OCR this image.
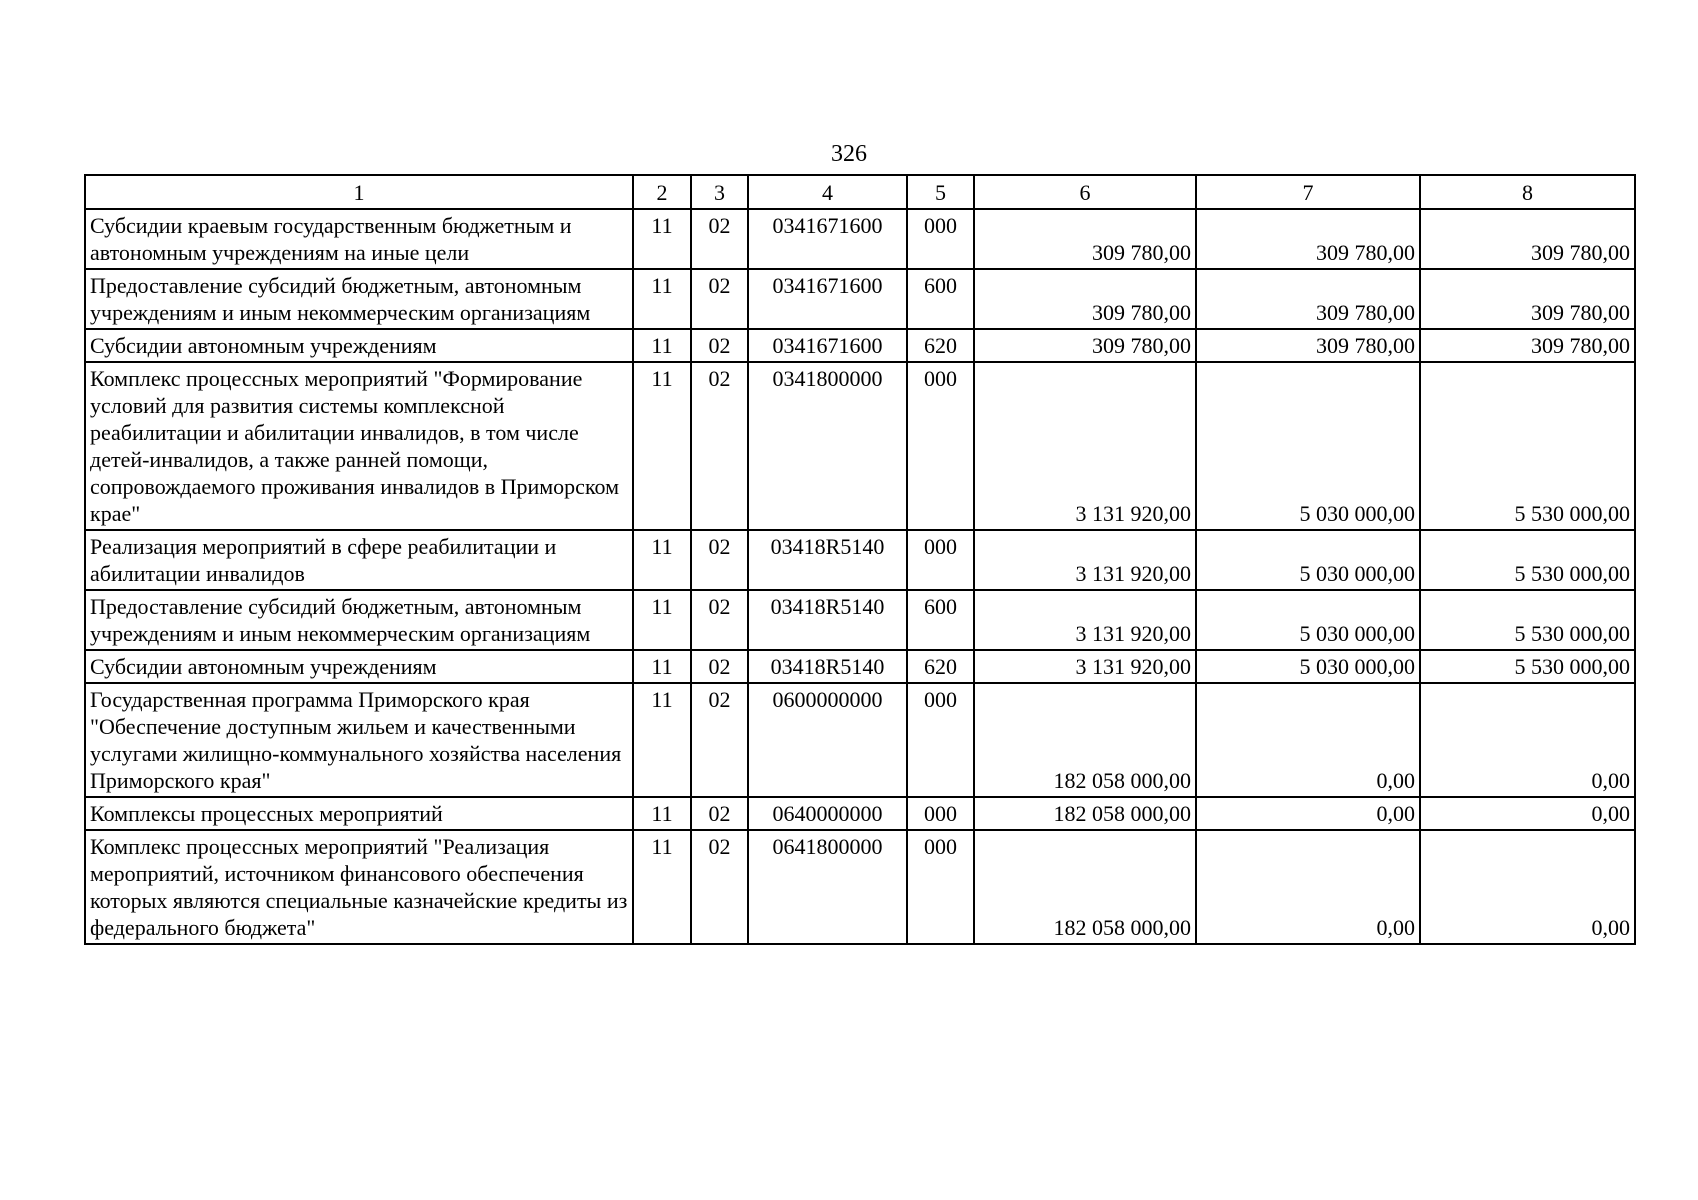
326
1	2	3	4	5	6	7	8
Субсидии краевым государственным бюджетным и автономным учреждениям на иные цели	11	02	0341671600	000	309 780,00	309 780,00	309 780,00
Предоставление субсидий бюджетным, автономным учреждениям и иным некоммерческим организациям	11	02	0341671600	600	309 780,00	309 780,00	309 780,00
Субсидии автономным учреждениям	11	02	0341671600	620	309 780,00	309 780,00	309 780,00
Комплекс процессных мероприятий "Формирование условий для развития системы комплексной реабилитации и абилитации инвалидов, в том числе детей-инвалидов, а также ранней помощи, сопровождаемого проживания инвалидов в Приморском крае"	11	02	0341800000	000	3 131 920,00	5 030 000,00	5 530 000,00
Реализация мероприятий в сфере реабилитации и абилитации инвалидов	11	02	03418R5140	000	3 131 920,00	5 030 000,00	5 530 000,00
Предоставление субсидий бюджетным, автономным учреждениям и иным некоммерческим организациям	11	02	03418R5140	600	3 131 920,00	5 030 000,00	5 530 000,00
Субсидии автономным учреждениям	11	02	03418R5140	620	3 131 920,00	5 030 000,00	5 530 000,00
Государственная программа Приморского края "Обеспечение доступным жильем и качественными услугами жилищно-коммунального хозяйства населения Приморского края"	11	02	0600000000	000	182 058 000,00	0,00	0,00
Комплексы процессных мероприятий	11	02	0640000000	000	182 058 000,00	0,00	0,00
Комплекс процессных мероприятий "Реализация мероприятий, источником финансового обеспечения которых являются специальные казначейские кредиты из федерального бюджета"	11	02	0641800000	000	182 058 000,00	0,00	0,00
